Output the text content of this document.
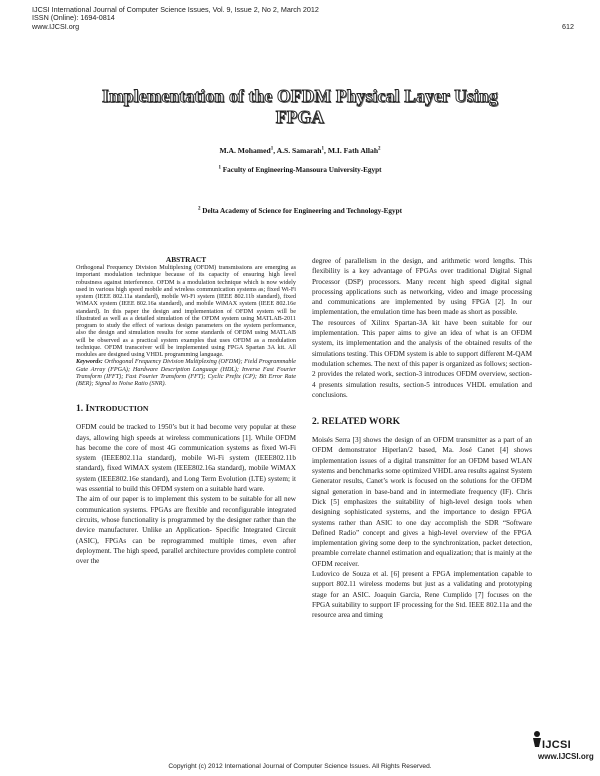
IJCSI International Journal of Computer Science Issues, Vol. 9, Issue 2, No 2, March 2012
ISSN (Online): 1694-0814
www.IJCSI.org	612
Implementation of the OFDM Physical Layer Using
FPGA
M.A. Mohamed$^1$, A.S. Samarah$^1$, M.I. Fath Allah$^2$
$^1$ Faculty of Engineering-Mansoura University-Egypt
$^2$ Delta Academy of Science for Engineering and Technology-Egypt
ABSTRACT

Orthogonal Frequency Division Multiplexing (OFDM) transmissions are emerging as important modulation technique because of its capacity of ensuring high level robustness against interference. OFDM is a modulation technique which is now widely used in various high speed mobile and wireless communication systems as; fixed Wi-Fi system (IEEE 802.11a standard), mobile Wi-Fi system (IEEE 802.11b standard), fixed WiMAX system (IEEE 802.16a standard), and mobile WiMAX system (IEEE 802.16e standard). In this paper the design and implementation of OFDM system will be illustrated as well as a detailed simulation of the OFDM system using MATLAB-2011 program to study the effect of various design parameters on the system performance, also the design and simulation results for some standards of OFDM using MATLAB will be observed as a practical system examples that uses OFDM as a modulation technique. OFDM transceiver will be implemented using FPGA Spartan 3A kit. All modules are designed using VHDL programming language.

Keywords: Orthogonal Frequency Division Multiplexing (OFDM); Field Programmable Gate Array (FPGA); Hardware Description Language (HDL); Inverse Fast Fourier Transform (IFFT); Fast Fourier Transform (FFT); Cyclic Prefix (CP); Bit Error Rate (BER); Signal to Noise Ratio (SNR).

1. INTRODUCTION

OFDM could be tracked to 1950’s but it had become very popular at these days, allowing high speeds at wireless communications [1]. While OFDM has become the core of most 4G communication systems as fixed Wi-Fi system (IEEE802.11a standard), mobile Wi-Fi system (IEEE802.11b standard), fixed WiMAX system (IEEE802.16a standard), mobile WiMAX system (IEEE802.16e standard), and Long Term Evolution (LTE) system; it was essential to build this OFDM system on a suitable hard ware.

The aim of our paper is to implement this system to be suitable for all new communication systems. FPGAs are flexible and reconfigurable integrated circuits, whose functionality is programmed by the designer rather than the device manufacturer. Unlike an Application- Specific Integrated Circuit (ASIC), FPGAs can be reprogrammed multiple times, even after deployment. The high speed, parallel architecture provides complete control over the

degree of parallelism in the design, and arithmetic word lengths. This flexibility is a key advantage of FPGAs over traditional Digital Signal Processor (DSP) processors. Many recent high speed digital signal processing applications such as networking, video and image processing and communications are implemented by using FPGA [2]. In our implementation, the emulation time has been made as short as possible.

The resources of Xilinx Spartan-3A kit have been suitable for our implementation. This paper aims to give an idea of what is an OFDM system, its implementation and the analysis of the obtained results of the simulations testing. This OFDM system is able to support different M-QAM modulation schemes. The next of this paper is organized as follows; section-2 provides the related work, section-3 introduces OFDM overview, section-4 presents simulation results, section-5 introduces VHDL emulation and conclusions.

2. RELATED WORK

Moisés Serra [3] shows the design of an OFDM transmitter as a part of an OFDM demonstrator Hiperlan/2 based, Ma. José Canet [4] shows implementation issues of a digital transmitter for an OFDM based WLAN systems and benchmarks some optimized VHDL area results against System Generator results, Canet’s work is focused on the solutions for the OFDM signal generation in base-band and in intermediate frequency (IF). Chris Dick [5] emphasizes the suitability of high-level design tools when designing sophisticated systems, and the importance to design FPGA systems rather than ASIC to one day accomplish the SDR “Software Defined Radio” concept and gives a high-level overview of the FPGA implementation giving some deep to the synchronization, packet detection, preamble correlate channel estimation and equalization; that is mainly at the OFDM receiver.

Ludovico de Souza et al. [6] present a FPGA implementation capable to support 802.11 wireless modems but just as a validating and prototyping stage for an ASIC. Joaquin Garcia, Rene Cumplido [7] focuses on the FPGA suitability to support IF processing for the Std. IEEE 802.11a and the resource area and timing

IJCSI
www.IJCSI.org
Copyright (c) 2012 International Journal of Computer Science Issues. All Rights Reserved.
